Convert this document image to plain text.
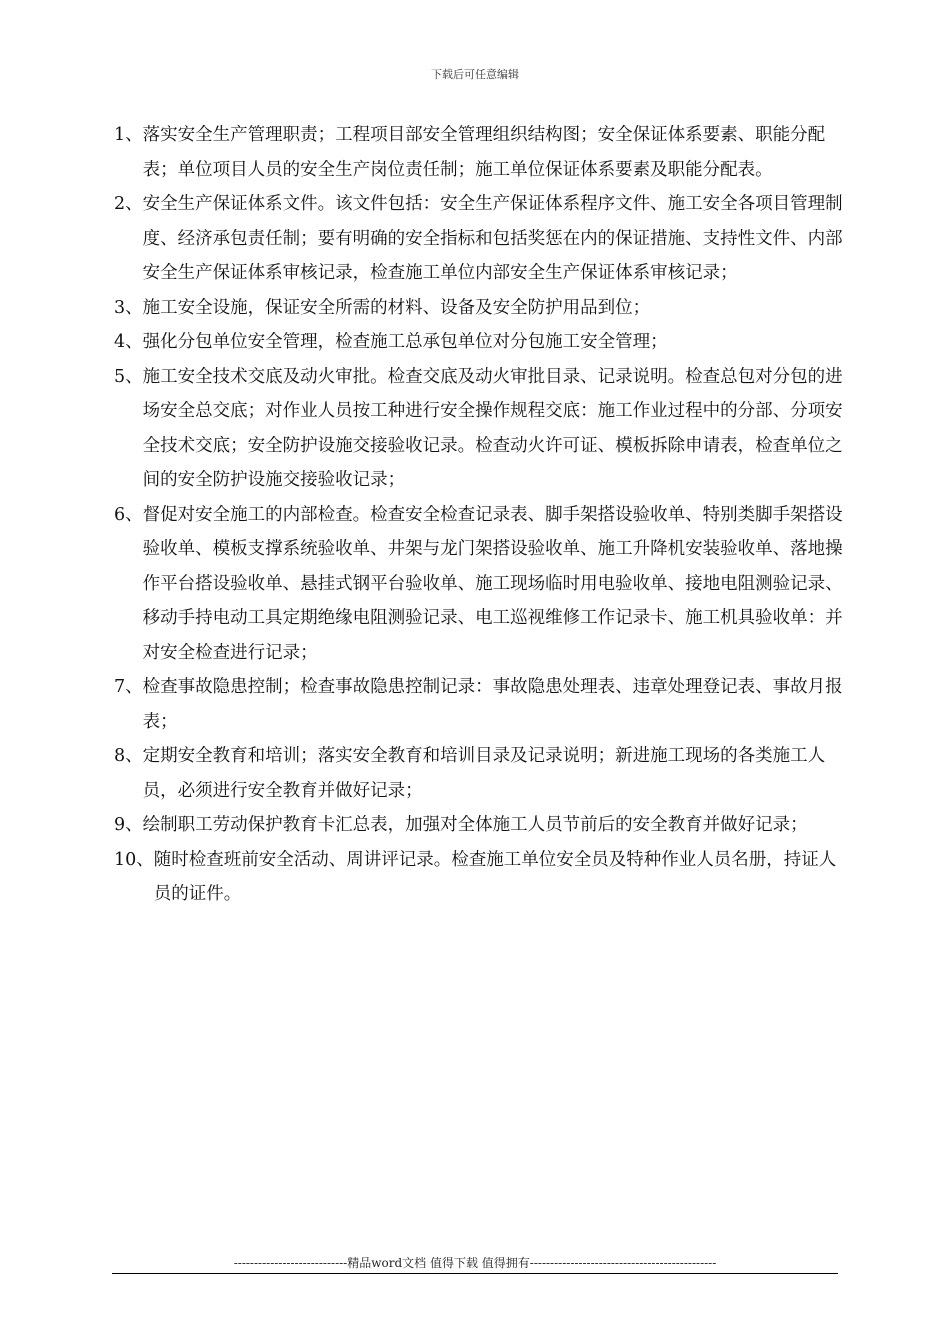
下载后可任意编辑
1、 落实安全生产管理职责；工程项目部安全管理组织结构图；安全保证体系要素、职能分配表；单位项目人员的安全生产岗位责任制；施工单位保证体系要素及职能分配表。
2、 安全生产保证体系文件。该文件包括：安全生产保证体系程序文件、施工安全各项目管理制度、经济承包责任制；要有明确的安全指标和包括奖惩在内的保证措施、支持性文件、内部安全生产保证体系审核记录，检查施工单位内部安全生产保证体系审核记录；
3、 施工安全设施，保证安全所需的材料、设备及安全防护用品到位；
4、 强化分包单位安全管理，检查施工总承包单位对分包施工安全管理；
5、 施工安全技术交底及动火审批。检查交底及动火审批目录、记录说明。检查总包对分包的进场安全总交底；对作业人员按工种进行安全操作规程交底：施工作业过程中的分部、分项安全技术交底；安全防护设施交接验收记录。检查动火许可证、模板拆除申请表，检查单位之间的安全防护设施交接验收记录；
6、 督促对安全施工的内部检查。检查安全检查记录表、脚手架搭设验收单、特别类脚手架搭设验收单、模板支撑系统验收单、井架与龙门架搭设验收单、施工升降机安装验收单、落地操作平台搭设验收单、悬挂式钢平台验收单、施工现场临时用电验收单、接地电阻测验记录、移动手持电动工具定期绝缘电阻测验记录、电工巡视维修工作记录卡、施工机具验收单：并对安全检查进行记录；
7、 检查事故隐患控制；检查事故隐患控制记录：事故隐患处理表、违章处理登记表、事故月报表；
8、 定期安全教育和培训；落实安全教育和培训目录及记录说明；新进施工现场的各类施工人员，必须进行安全教育并做好记录；
9、 绘制职工劳动保护教育卡汇总表，加强对全体施工人员节前后的安全教育并做好记录；
10、 随时检查班前安全活动、周讲评记录。检查施工单位安全员及特种作业人员名册，持证人员的证件。
----------------------------精品word文档 值得下载 值得拥有----------------------------------------------
